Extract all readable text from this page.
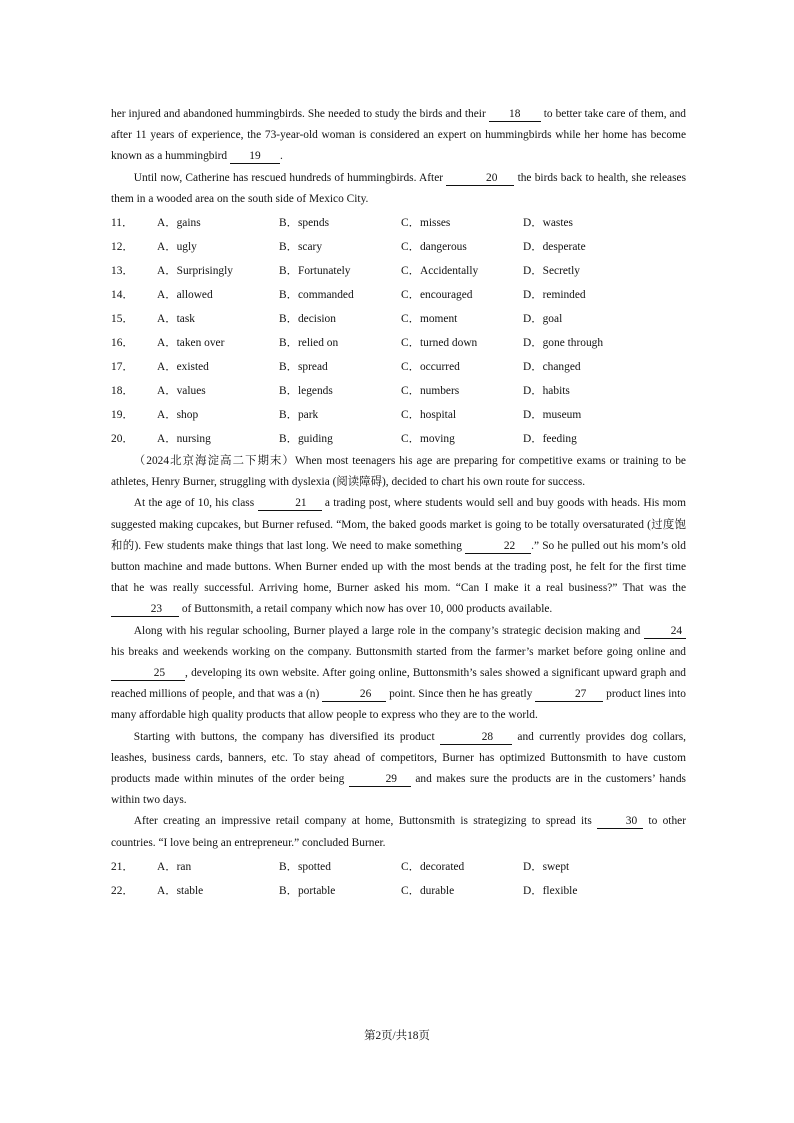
her injured and abandoned hummingbirds. She needed to study the birds and their 18 to better take care of them, and after 11 years of experience, the 73-year-old woman is considered an expert on hummingbirds while her home has become known as a hummingbird 19 .

Until now, Catherine has rescued hundreds of hummingbirds. After	20 the birds back to health, she releases them in a wooded area on the south side of Mexico City.

11．	A．gains	B．spends	C．misses	D．wastes
12．	A．ugly	B．scary	C．dangerous	D．desperate
13．	A．Surprisingly	B．Fortunately	C．Accidentally	D．Secretly
14．	A．allowed	B．commanded	C．encouraged	D．reminded
15．	A．task	B．decision	C．moment	D．goal
16．	A．taken over	B．relied on	C．turned down	D．gone through
17．	A．existed	B．spread	C．occurred	D．changed
18．	A．values	B．legends	C．numbers	D．habits
19．	A．shop	B．park	C．hospital	D．museum
20．	A．nursing	B．guiding	C．moving	D．feeding

（2024北京海淀高二下期末）When most teenagers his age are preparing for competitive exams or training to be athletes, Henry Burner, struggling with dyslexia (阅读障碍), decided to chart his own route for success.

At the age of 10, his class	21 a trading post, where students would sell and buy goods with heads. His mom suggested making cupcakes, but Burner refused. “Mom, the baked goods market is going to be totally oversaturated (过度饱和的). Few students make things that last long. We need to make something	22 .” So he pulled out his mom’s old button machine and made buttons. When Burner ended up with the most bends at the trading post, he felt for the first time that he was really successful. Arriving home, Burner asked his mom. “Can I make it a real business?” That was the 23 of Buttonsmith, a retail company which now has over 10, 000 products available.

Along with his regular schooling, Burner played a large role in the company’s strategic decision making and 24 his breaks and weekends working on the company. Buttonsmith started from the farmer’s market before going online and 25 , developing its own website. After going online, Buttonsmith’s sales showed a significant upward graph and reached millions of people, and that was a (n)	26 point. Since then he has greatly	27 product lines into many affordable high quality products that allow people to express who they are to the world.

Starting with buttons, the company has diversified its product	28 and currently provides dog collars, leashes, business cards, banners, etc. To stay ahead of competitors, Burner has optimized Buttonsmith to have custom products made within minutes of the order being	29 and makes sure the products are in the customers’ hands within two days.

After creating an impressive retail company at home, Buttonsmith is strategizing to spread its	30 to other countries. “I love being an entrepreneur.” concluded Burner.

21．	A．ran	B．spotted	C．decorated	D．swept
22．	A．stable	B．portable	C．durable	D．flexible
第2页/共18页
